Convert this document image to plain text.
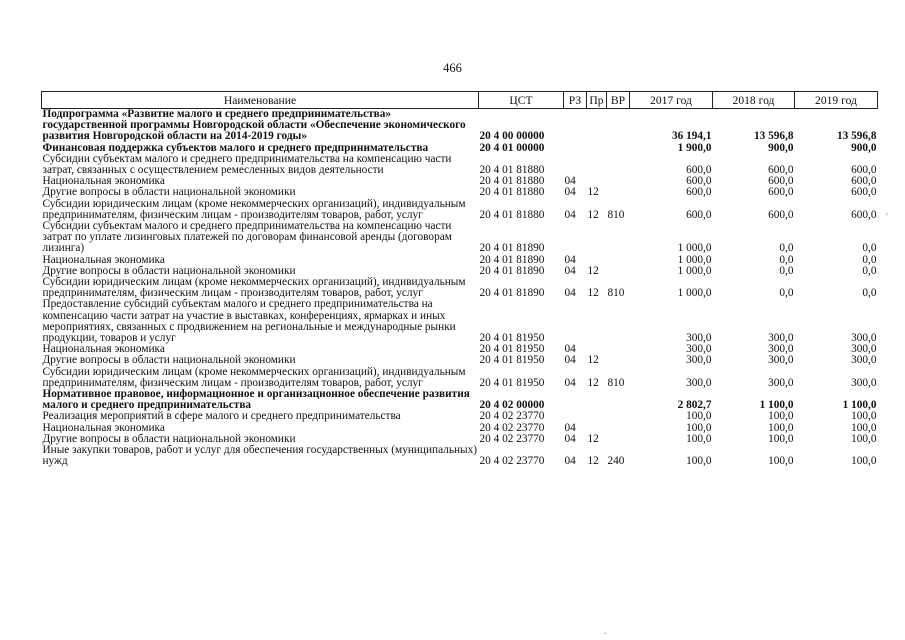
466
Наименование	ЦСТ	РЗ	Пр	ВР	2017 год	2018 год	2019 год
Подпрограмма «Развитие малого и среднего предпринимательства» государственной программы Новгородской области «Обеспечение экономического развития Новгородской области на 2014-2019 годы»	20 4 00 00000				36 194,1	13 596,8	13 596,8
Финансовая поддержка субъектов малого и среднего предпринимательства	20 4 01 00000				1 900,0	900,0	900,0
Субсидии субъектам малого и среднего предпринимательства на компенсацию части затрат, связанных с осуществлением ремесленных видов деятельности	20 4 01 81880				600,0	600,0	600,0
Национальная экономика	20 4 01 81880	04			600,0	600,0	600,0
Другие вопросы в области национальной экономики	20 4 01 81880	04	12		600,0	600,0	600,0
Субсидии юридическим лицам (кроме некоммерческих организаций), индивидуальным предпринимателям, физическим лицам - производителям товаров, работ, услуг	20 4 01 81880	04	12	810	600,0	600,0	600,0
Субсидии субъектам малого и среднего предпринимательства на компенсацию части затрат по уплате лизинговых платежей по договорам финансовой аренды (договорам лизинга)	20 4 01 81890				1 000,0	0,0	0,0
Национальная экономика	20 4 01 81890	04			1 000,0	0,0	0,0
Другие вопросы в области национальной экономики	20 4 01 81890	04	12		1 000,0	0,0	0,0
Субсидии юридическим лицам (кроме некоммерческих организаций), индивидуальным предпринимателям, физическим лицам - производителям товаров, работ, услуг	20 4 01 81890	04	12	810	1 000,0	0,0	0,0
Предоставление субсидий субъектам малого и среднего предпринимательства на компенсацию части затрат на участие в выставках, конференциях, ярмарках и иных мероприятиях, связанных с продвижением на региональные и международные рынки продукции, товаров и услуг	20 4 01 81950				300,0	300,0	300,0
Национальная экономика	20 4 01 81950	04			300,0	300,0	300,0
Другие вопросы в области национальной экономики	20 4 01 81950	04	12		300,0	300,0	300,0
Субсидии юридическим лицам (кроме некоммерческих организаций), индивидуальным предпринимателям, физическим лицам - производителям товаров, работ, услуг	20 4 01 81950	04	12	810	300,0	300,0	300,0
Нормативное правовое, информационное и организационное обеспечение развития малого и среднего предпринимательства	20 4 02 00000				2 802,7	1 100,0	1 100,0
Реализация мероприятий в сфере малого и среднего предпринимательства	20 4 02 23770				100,0	100,0	100,0
Национальная экономика	20 4 02 23770	04			100,0	100,0	100,0
Другие вопросы в области национальной экономики	20 4 02 23770	04	12		100,0	100,0	100,0
Иные закупки товаров, работ и услуг для обеспечения государственных (муниципальных) нужд	20 4 02 23770	04	12	240	100,0	100,0	100,0
'
.
